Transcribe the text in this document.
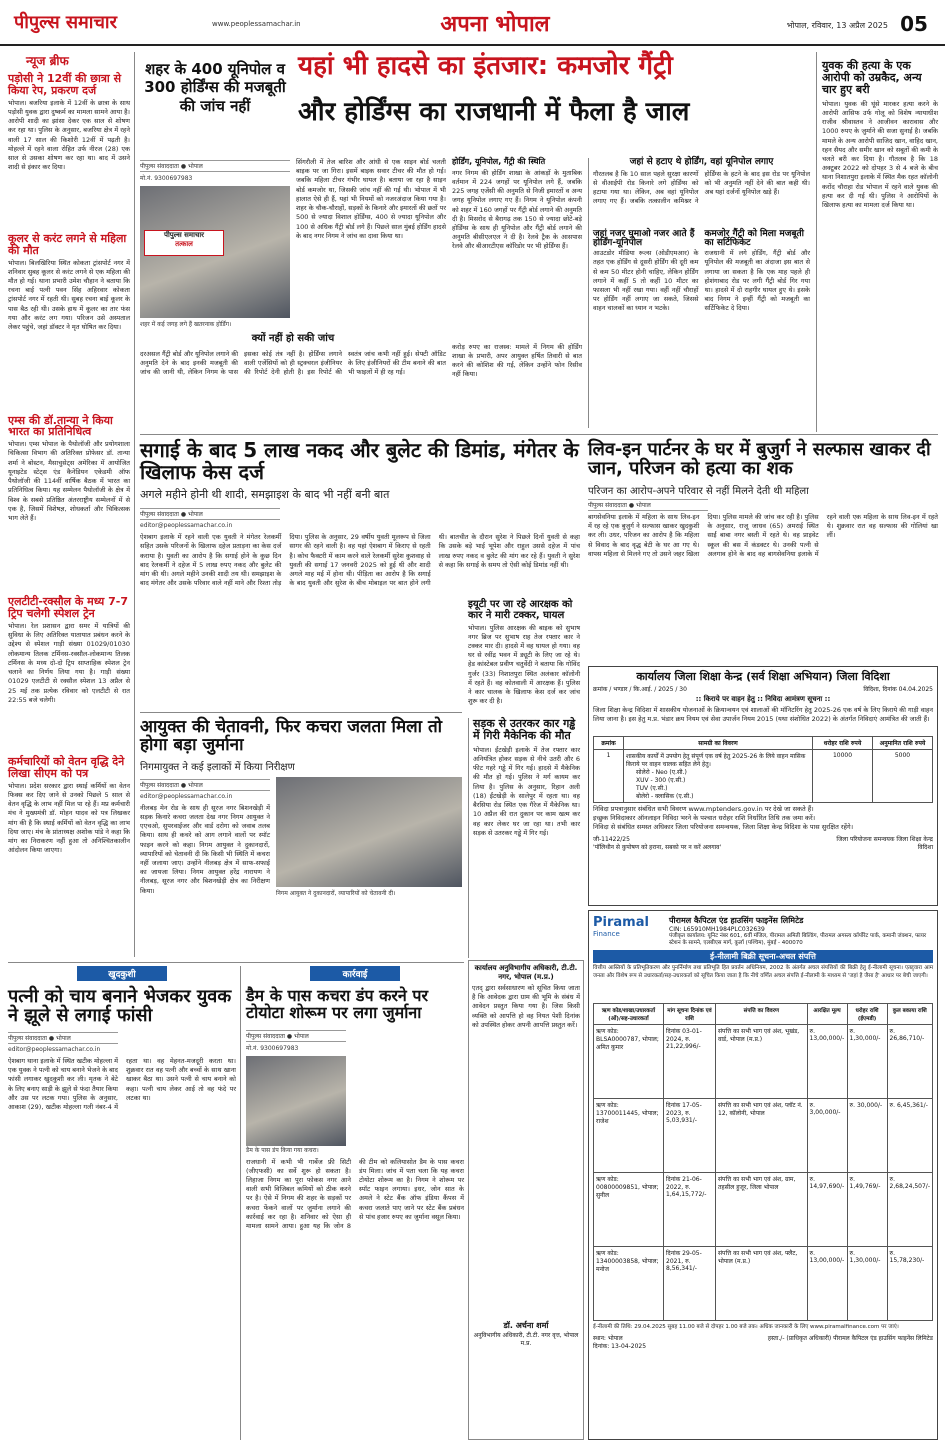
पीपुल्स समाचार	www.peoplessamachar.in	अपना भोपाल	भोपाल, रविवार, 13 अप्रैल 2025 05
न्यूज ब्रीफ
पड़ोसी ने 12वीं की छात्रा से किया रेप, प्रकरण दर्ज
भोपाल। बजरिया इलाके में 12वीं के छात्रा के साथ पड़ोसी युवक द्वारा दुष्कर्म का मामला सामने आया है। आरोपी शादी का झांसा देकर एक साल से शोषण कर रहा था। पुलिस के अनुसार, बजरिया क्षेत्र में रहने वाली 17 साल की किशोरी 12वीं में पढ़ती है। मोहल्ले में रहने वाला रोहित उर्फ नीरज (28) एक साल से उसका शोषण कर रहा था। बाद में उसने शादी से इंकार कर दिया।
कूलर से करंट लगने से महिला की मौत
भोपाल। बिलखिरिया स्थित कोकता ट्रांसपोर्ट नगर में शनिवार सुबह कूलर से करंट लगने से एक महिला की मौत हो गई। थाना प्रभारी उमेश चौहान ने बताया कि रचना बाई पत्नी पवन सिंह अहिरवार कोकता ट्रांसपोर्ट नगर में रहती थी। सुबह रचना बाई कूलर के पास बैठ रही थी। उसके हाथ में कूलर का तार फंस गया और करंट लग गया। परिजन उसे अस्पताल लेकर पहुंचे, जहां डॉक्टर ने मृत घोषित कर दिया।
एम्स की डॉ.तान्या ने किया भारत का प्रतिनिधित्व
भोपाल। एम्स भोपाल के पैथोलॉजी और प्रयोगशाला चिकित्सा विभाग की अतिरिक्त प्रोफेसर डॉ. तान्या शर्मा ने बोस्टन, मैसाचुसेट्स अमेरिका में आयोजित यूनाइटेड स्टेट्स एंड कैनेडियन एकेडमी ऑफ पैथोलॉजी की 114वीं वार्षिक बैठक में भारत का प्रतिनिधित्व किया। यह सम्मेलन पैथोलॉजी के क्षेत्र में विश्व के सबसे प्रतिष्ठित अंतरराष्ट्रीय सम्मेलनों में से एक है, जिसमें विशेषज्ञ, शोधकर्ता और चिकित्सक भाग लेते हैं।
एलटीटी-रक्सौल के मध्य 7-7 ट्रिप चलेगी स्पेशल ट्रेन
भोपाल। रेल प्रशासन द्वारा समर में यात्रियों की सुविधा के लिए अतिरिक्त यातायात प्रबंधन करने के उद्देश्य से स्पेशल गाड़ी संख्या 01029/01030 लोकमान्य तिलक टर्मिनस-रक्सौल-लोकमान्य तिलक टर्मिनस के मध्य दो-दो ट्रिप साप्ताहिक स्पेशल ट्रेन चलाने का निर्णय लिया गया है। गाड़ी संख्या 01029 एलटीटी से रक्सौल स्पेशल 13 अप्रैल से 25 मई तक प्रत्येक रविवार को एलटीटी से रात 22:55 बजे चलेगी।
कर्मचारियों को वेतन वृद्धि देने लिखा सीएम को पत्र
भोपाल। प्रदेश सरकार द्वारा स्थाई कर्मियों का वेतन फिक्स कर दिए जाने से उनको पिछले 5 साल से वेतन वृद्धि के लाभ नहीं मिल पा रहे हैं। मप्र कर्मचारी मंच ने मुख्यमंत्री डॉ. मोहन यादव को पत्र लिखकर मांग की है कि स्थाई कर्मियों को वेतन वृद्धि का लाभ दिया जाए। मंच के प्रांताध्यक्ष अशोक पांडे ने कहा कि मांग का निराकरण नहीं हुआ तो अनिश्चितकालीन आंदोलन किया जाएगा।
शहर के 400 यूनिपोल व 300 होर्डिंग्स की मजबूती की जांच नहीं
यहां भी हादसे का इंतजार: कमजोर गैंट्री
और होर्डिंग्स का राजधानी में फैला है जाल
पीपुल्स संवाददाता ● भोपाल
मो.नं. 9300697983
पीपुल्स समाचार
तत्काल
शहर में कई जगह लगे हैं खतरनाक होर्डिंग।
सिंगरौली में तेज बारिश और आंधी से एक साइन बोर्ड चलती बाइक पर जा गिरा। इसमें बाइक सवार टीचर की मौत हो गई। जबकि महिला टीचर गंभीर घायल है। बताया जा रहा है साइन बोर्ड कमजोर था, जिसकी जांच नहीं की गई थी। भोपाल में भी हालात ऐसे ही हैं, यहां भी नियमों को नजरअंदाज किया गया है। शहर के चौक-चौराहों, सड़कों के किनारे और इमारतों की छतों पर 500 से ज्यादा विशाल होर्डिंग्स, 400 से ज्यादा यूनिपोल और 100 से अधिक गैंट्री बोर्ड लगे हैं। पिछले साल मुंबई होर्डिंग हादसे के बाद नगर निगम ने जांच का दावा किया था।
क्यों नहीं हो सकी जांच
दरअसल गैंट्री बोर्ड और यूनिपोल लगाने की अनुमति देने के बाद इनकी मजबूती की जांच की जानी थी, लेकिन निगम के पास इसका कोई तंत्र नहीं है। होर्डिंग्स लगाने वाली एजेंसियों को ही स्ट्रक्चरल इंजीनियर की रिपोर्ट देनी होती है। इस रिपोर्ट की स्वतंत्र जांच कभी नहीं हुई। सेफ्टी ऑडिट के लिए इंजीनियरों की टीम बनाने की बात भी फाइलों में ही रह गई।
होर्डिंग, यूनिपोल, गैंट्री की स्थिति
नगर निगम की होर्डिंग शाखा के आंकड़ों के मुताबिक वर्तमान में 224 जगहों पर यूनिपोल लगे हैं, जबकि 225 जगह एजेंसी की अनुमति से निजी इमारतों व अन्य जगह यूनिपोल लगाए गए हैं। निगम ने यूनिपोल कंपनी को शहर में 160 जगहों पर गैंट्री बोर्ड लगाने की अनुमति दी है। मिसरोद से बैरागढ़ तक 150 से ज्यादा छोटे-बड़े होर्डिंग्स के साथ ही यूनिपोल और गैंट्री बोर्ड लगाने की अनुमति बीसीएलएल ने दी है। रेलवे ट्रैक के आसपास रेलवे और बीआरटीएस कॉरिडोर पर भी होर्डिंग्स हैं।
करोड़ रुपए का राजस्व: मामले में निगम की होर्डिंग शाखा के प्रभारी, अपर आयुक्त हर्षित तिवारी से बात करने की कोशिश की गई, लेकिन उन्होंने फोन रिसीव नहीं किया।
जहां से हटाए थे होर्डिंग, वहां यूनिपोल लगाए
गौरतलब है कि 10 साल पहले सुरक्षा कारणों से वीआईपी रोड किनारे लगे होर्डिंग्स को हटाया गया था। लेकिन, अब वहां यूनिपोल लगाए गए हैं। जबकि तत्कालीन कमिश्नर ने होर्डिंग्स के हटने के बाद इस रोड पर यूनिपोल को भी अनुमति नहीं देने की बात कही थी। अब यहां दर्जनों यूनिपोल खड़े हैं।
जहां नजर घुमाओ नजर आते हैं होर्डिंग-यूनिपोल
आउटडोर मीडिया रूल्स (ओडीएमआर) के तहत एक होर्डिंग से दूसरी होर्डिंग की दूरी कम से कम 50 मीटर होनी चाहिए, लेकिन होर्डिंग लगाने में कहीं 5 तो कहीं 10 मीटर का फासला भी नहीं रखा गया। वहीं नहीं चौराहों पर होर्डिंग नहीं लगाए जा सकते, जिससे वाहन चालकों का ध्यान न भटके।
कमजोर गैंट्री को मिला मजबूती का सर्टिफिकेट
राजधानी में लगे होर्डिंग, गैंट्री बोर्ड और यूनिपोल की मजबूती का अंदाजा इस बात से लगाया जा सकता है कि एक माह पहले ही होशंगाबाद रोड पर लगी गैंट्री बोर्ड गिर गया था। हादसे में दो राहगीर घायल हुए थे। इसके बाद निगम ने इन्हीं गैंट्री को मजबूती का सर्टिफिकेट दे दिया।
युवक की हत्या के एक आरोपी को उम्रकैद, अन्य चार हुए बरी
भोपाल। युवक की घूंसे मारकर हत्या करने के आरोपी आसिफ उर्फ गोलू को विशेष न्यायाधीश राजीव श्रीवास्तव ने आजीवन कारावास और 1000 रुपए के जुर्माने की सजा सुनाई है। जबकि मामले के अन्य आरोपी साजिद खान, वाहिद खान, रहन सैयद और समीर खान को सबूतों की कमी के चलते बरी कर दिया है। गौतलब है कि 18 अक्टूबर 2022 को दोपहर 3 से 4 बजे के बीच थाना निशातपुरा इलाके में स्थित मैक रहत कॉलोनी करोंद चौराहा रोड भोपाल में रहने वाले युवक की हत्या कर दी गई थी। पुलिस ने आरोपियों के खिलाफ हत्या का मामला दर्ज किया था।
सगाई के बाद 5 लाख नकद और बुलेट की डिमांड, मंगेतर के खिलाफ केस दर्ज
अगले महीने होनी थी शादी, समझाइश के बाद भी नहीं बनी बात
पीपुल्स संवाददाता ● भोपाल
editor@peoplessamachar.co.in
ऐशबाग इलाके में रहने वाली एक युवती ने मंगेतर रेलकर्मी सहित उसके परिजनों के खिलाफ दहेज प्रताड़ना का केस दर्ज कराया है। युवती का आरोप है कि सगाई होने के कुछ दिन बाद रेलकर्मी ने दहेज में 5 लाख रुपए नकद और बुलेट की मांग की थी। अगले महीने उनकी शादी तय थी। समझाइश के बाद मंगेतर और उसके परिवार वाले नहीं माने और रिश्ता तोड़ दिया। पुलिस के अनुसार, 29 वर्षीय युवती मूलरूप से जिला सागर की रहने वाली है। वह यहां ऐशबाग में किराए से रहती है। कोच फैक्टरी में काम करने वाले रेलकर्मी सुरेश कुशवाह से युवती की सगाई 17 जनवरी 2025 को हुई थी और शादी अगले माह मई में होना थी। पीड़िता का आरोप है कि सगाई के बाद युवती और सुरेश के बीच मोबाइल पर बात होने लगी थी। बातचीत के दौरान सुरेश ने पिछले दिनों युवती से कहा कि उसके बड़े भाई भूपेश और राहुल उससे दहेज में पांच लाख रुपए नकद व बुलेट की मांग कर रहे हैं। युवती ने सुरेश से कहा कि सगाई के समय तो ऐसी कोई डिमांड नहीं थी।
लिव-इन पार्टनर के घर में बुजुर्ग ने सल्फास खाकर दी जान, परिजन को हत्या का शक
परिजन का आरोप-अपने परिवार से नहीं मिलने देती थी महिला
पीपुल्स संवाददाता ● भोपाल
बागसेवनिया इलाके में महिला के साथ लिव-इन में रह रहे एक बुजुर्ग ने सल्फास खाकर खुदकुशी कर ली। उधर, परिजन का आरोप है कि महिला से विवाद के बाद वृद्ध बेटी के घर आ गए थे। वापस महिला से मिलने गए तो उसने जहर खिला दिया। पुलिस मामले की जांच कर रही है। पुलिस के अनुसार, राजू जाधव (65) अमराई स्थित साईं बाबा नगर बस्ती में रहते थे। वह प्राइवेट स्कूल की बस में कंडक्टर थे। उनकी पत्नी से अलगाव होने के बाद वह बागसेवनिया इलाके में रहने वाली एक महिला के साथ लिव-इन में रहते थे। शुक्रवार रात वह सल्फास की गोलियां खा लीं।
आयुक्त की चेतावनी, फिर कचरा जलता मिला तो होगा बड़ा जुर्माना
निगमायुक्त ने कई इलाकों में किया निरीक्षण
पीपुल्स संवाददाता ● भोपाल
editor@peoplessamachar.co.in
नीलबड़ मेन रोड के साथ ही सूरज नगर बिशनखेड़ी में सड़क किनारे कचरा जलता देख नगर निगम आयुक्त ने एएचओ, सुपरवाईजर और वार्ड दरोगा को जवाब तलब किया। साथ ही कचरे को आग लगाने वालों पर स्पॉट फाइन करने को कहा। निगम आयुक्त ने दुकानदारों, व्यापारियों को चेतावनी दी कि किसी भी स्थिति में कचरा नहीं जलाया जाए। उन्होंने नीलबड़ क्षेत्र में साफ-सफाई का जायजा लिया। निगम आयुक्त हरेंद्र नारायण ने नीलबड़, सूरज नगर और बिशनखेड़ी क्षेत्र का निरीक्षण किया।	निगम आयुक्त ने दुकानदारों, व्यापारियों को चेतावनी दी।
सड़क से उतरकर कार गड्ढे में गिरी मैकेनिक की मौत
भोपाल। ईंटखेड़ी इलाके में तेज रफ्तार कार अनियंत्रित होकर सड़क से नीचे उतरी और 6 फीट गहरे गड्ढे में गिर गई। हादसे में मैकेनिक की मौत हो गई। पुलिस ने मर्ग कायम कर लिया है। पुलिस के अनुसार, रिहान अली (18) ईंटखेड़ी के सालेपुर में रहता था। वह बैरसिया रोड स्थित एक गैरेज में मैकेनिक था। 10 अप्रैल की रात दुकान पर काम खत्म कर वह कार लेकर घर जा रहा था। तभी कार सड़क से उतरकर गड्ढे में गिर गई।
इयूटी पर जा रहे आरक्षक को कार ने मारी टक्कर, घायल
भोपाल। पुलिस आरक्षक की बाइक को सुभाष नगर ब्रिज पर सुभाष राह तेज रफ्तार कार ने टक्कर मार दी। हादसे में वह घायल हो गया। वह घर से रवींद्र भवन में ड्यूटी के लिए जा रहे थे। हेड कांस्टेबल प्रवीण चतुर्वेदी ने बताया कि गोविंद गुर्जर (33) निशातपुरा स्थित अलंकार कॉलोनी में रहते हैं। वह कोतवाली में आरक्षक हैं। पुलिस ने कार चालक के खिलाफ केस दर्ज कर जांच शुरू कर दी है।
कार्यालय जिला शिक्षा केन्द्र (सर्व शिक्षा अभियान) जिला विदिशा
क्रमांक / भण्डार / कि.आई. / 2025 / 30	विदिशा, दिनांक 04.04.2025
:: किराये पर वाहन हेतु :: निविदा आमंत्रण सूचना ::
जिला शिक्षा केन्द्र विदिशा में शासकीय योजनाओं के क्रियान्वयन एवं शालाओं की मॉनिटरिंग हेतु 2025-26 एक वर्ष के लिए किराये की गाड़ी वाहन लिया जाना है। इस हेतु म.प्र. भंडार क्रय नियम एवं सेवा उपार्जन नियम 2015 (यथा संशोधित 2022) के अंतर्गत निविदाएं आमंत्रित की जाती हैं।
क्रमांक	सामग्री का विवरण	धरोहर राशि रुपये	अनुमानित राशि रुपये
1	शासकीय कार्यों में उपयोग हेतु संपूर्ण एक वर्ष हेतु 2025-26 के लिये वाहन मासिक किराये पर वाहन चालक सहित लेने हेतु।
सोलेरो - Neo (ए.सी.)
XUV - 300 (ए.सी.)
TUV (ए.सी.)
बोलेरो - क्लासिक (ए.सी.)	10000	5000
निविदा प्रपत्रानुसार संबंधित सभी विवरण www.mptenders.gov.in पर देखे जा सकते हैं।
इच्छुक निविदाकार ऑनलाइन निविदा भरने के पश्चात धरोहर राशि निर्धारित तिथि तक जमा करें।
निविदा से संबंधित समस्त अधिकार जिला परियोजना समन्वयक, जिला शिक्षा केन्द्र विदिशा के पास सुरक्षित रहेंगे।
जी-11422/25
'पॉलिथीन से कुपोषण को हराना, सबको पर न करें अलगाव'
जिला परियोजना समन्वयक जिला शिक्षा केन्द्र विदिशा
कार्यालय अनुविभागीय अधिकारी, टी.टी. नगर, भोपाल (म.प्र.)
एतद् द्वारा सर्वसाधारण को सूचित किया जाता है कि आवेदक द्वारा ग्राम की भूमि के संबंध में आवेदन प्रस्तुत किया गया है। जिस किसी व्यक्ति को आपत्ति हो वह नियत पेशी दिनांक को उपस्थित होकर अपनी आपत्ति प्रस्तुत करें।
डॉ. अर्चना शर्मा
अनुविभागीय अधिकारी, टी.टी. नगर वृत्त, भोपाल म.प्र.
Piramal
Finance
पीरामल कैपिटल एंड हाउसिंग फाइनेंस लिमिटेड
CIN: L65910MH1984PLC032639
पंजीकृत कार्यालय: यूनिट नंबर 601, 6वीं मंजिल, पीरामल अमिती बिल्डिंग, पीरामल अगस्त्य कॉर्पोरेट पार्क, कमानी जंक्शन, फायर स्टेशन के सामने, एलबीएस मार्ग, कुर्ला (पश्चिम), मुंबई - 400070
ई-नीलामी बिक्री सूचना-अचल संपत्ति
वित्तीय आस्तियों के प्रतिभूतिकरण और पुनर्निर्माण तथा प्रतिभूति हित प्रवर्तन अधिनियम, 2002 के अंतर्गत अचल संपत्तियों की बिक्री हेतु ई-नीलामी सूचना। एतद्द्वारा आम जनता और विशेष रूप से उधारकर्ता/सह-उधारकर्ता को सूचित किया जाता है कि नीचे वर्णित अचल संपत्ति ई-नीलामी के माध्यम से 'जहां है जैसा है' आधार पर बेची जाएगी।
ऋण कोड/शाखा/उधारकर्ता (ओं)/सह-उधारकर्ता	मांग सूचना दिनांक एवं राशि	संपत्ति का विवरण	आरक्षित मूल्य	धरोहर राशि (ईएमडी)	कुल बकाया राशि
ऋण कोड: BLSA0000787, भोपाल; अमित कुमार	दिनांक 03-01-2024, रु. 21,22,996/-	संपत्ति का सभी भाग एवं अंश, भूखंड, वार्ड, भोपाल (म.प्र.)	रु. 13,00,000/-	रु. 1,30,000/-	रु. 26,86,710/-
ऋण कोड: 13700011445, भोपाल; राजेश	दिनांक 17-05-2023, रु. 5,03,931/-	संपत्ति का सभी भाग एवं अंश, प्लॉट नं. 12, कॉलोनी, भोपाल	रु. 3,00,000/-	रु. 30,000/-	रु. 6,45,361/-
ऋण कोड: 00800009851, भोपाल; सुनील	दिनांक 21-06-2022, रु. 1,64,15,772/-	संपत्ति का सभी भाग एवं अंश, ग्राम, तहसील हुजूर, जिला भोपाल	रु. 14,97,690/-	रु. 1,49,769/-	रु. 2,68,24,507/-
ऋण कोड: 13400003858, भोपाल; मनोज	दिनांक 29-05-2021, रु. 8,56,341/-	संपत्ति का सभी भाग एवं अंश, फ्लैट, भोपाल (म.प्र.)	रु. 13,00,000/-	रु. 1,30,000/-	रु. 15,78,230/-
ई-नीलामी की तिथि: 29.04.2025 सुबह 11.00 बजे से दोपहर 1.00 बजे तक। अधिक जानकारी के लिए www.piramalfinance.com पर जाएं।
स्थान: भोपाल
दिनांक: 13-04-2025
हस्ता./- (प्राधिकृत अधिकारी) पीरामल कैपिटल एंड हाउसिंग फाइनेंस लिमिटेड
खुदकुशी
पत्नी को चाय बनाने भेजकर युवक ने झूले से लगाई फांसी
पीपुल्स संवाददाता ● भोपाल
editor@peoplessamachar.co.in
ऐशबाग थाना इलाके में स्थित खटीक मोहल्ला में एक युवक ने पत्नी को चाय बनाने भेजने के बाद फांसी लगाकर खुदकुशी कर ली। मृतक ने बेटे के लिए बनाए साड़ी के झूले से फंदा तैयार किया और उस पर लटक गया। पुलिस के अनुसार, आकाश (29), खटीक मोहल्ला गली नंबर-4 में रहता था। वह मेहनत-मजदूरी करता था। शुक्रवार रात वह पत्नी और बच्चों के साथ खाना खाकर बैठा था। उसने पत्नी से चाय बनाने को कहा। पत्नी चाय लेकर आई तो वह फंदे पर लटका था।
कार्रवाई
डैम के पास कचरा डंप करने पर टोयोटा शोरूम पर लगा जुर्माना
पीपुल्स संवाददाता ● भोपाल
मो.नं. 9300697983
डैम के पास डंप किया गया कचरा।
राजधानी में कभी भी गार्बेज फ्री सिटी (जीएफसी) का सर्वे शुरू हो सकता है। लिहाजा निगम का पूरा फोकस नगर आने वाली सभी विजिबल कमियों को ठीक करने पर है। ऐसे में निगम की शहर के सड़कों पर कचरा फेंकने वालों पर जुर्माना लगाने की कार्रवाई कर रहा है। शनिवार को ऐसा ही मामला सामने आया। हुआ यह कि जोन 8 की टीम को कलियासोत डैम के पास कचरा डंप मिला। जांच में पता चला कि यह कचरा टोयोटा शोरूम का है। निगम ने शोरूम पर स्पॉट फाइन लगाया। इधर, जोन सात के अमले ने स्टेट बैंक ऑफ इंडिया कैंपस में कचरा जलाते पाए जाने पर स्टेट बैंक प्रबंधन से पांच हजार रुपए का जुर्माना वसूल किया।
